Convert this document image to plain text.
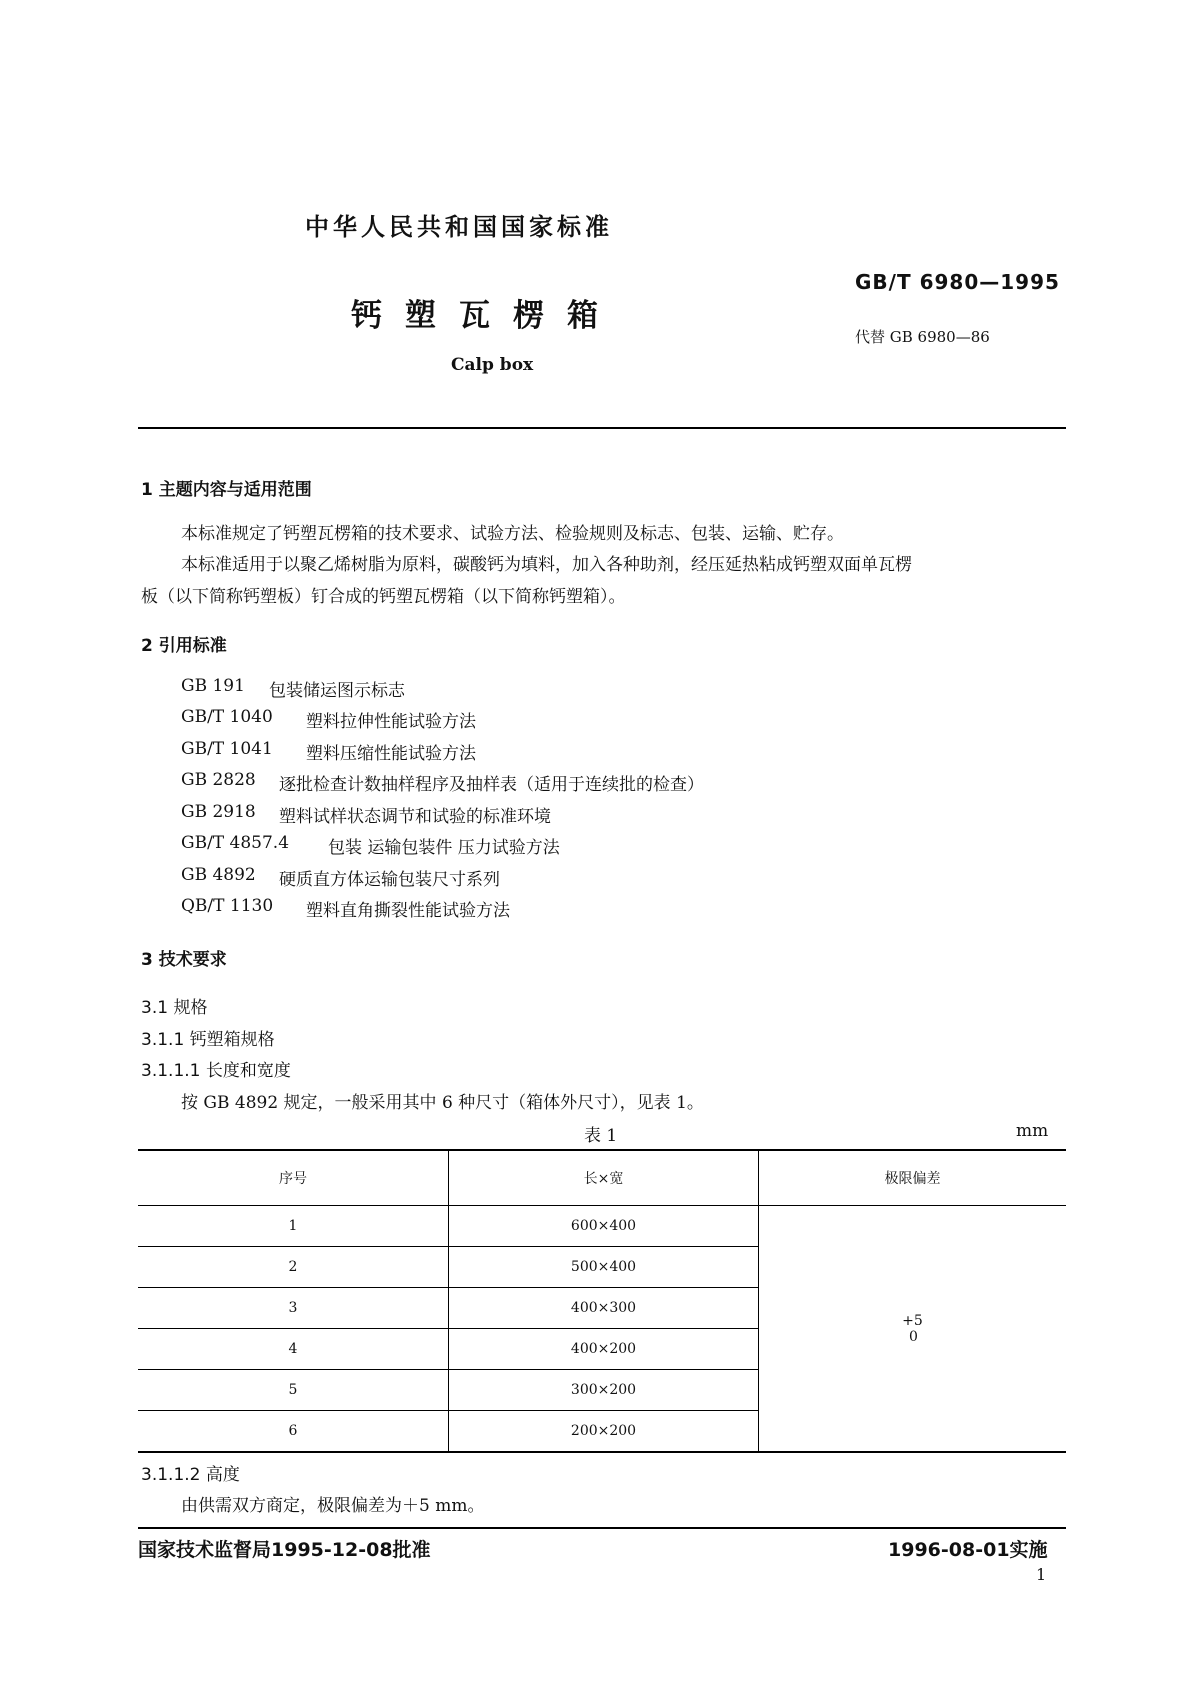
中华人民共和国国家标准
GB/T 6980—1995
钙塑瓦楞箱
代替 GB 6980—86
Calp box
1 主题内容与适用范围
本标准规定了钙塑瓦楞箱的技术要求、试验方法、检验规则及标志、包装、运输、贮存。
本标准适用于以聚乙烯树脂为原料，碳酸钙为填料，加入各种助剂，经压延热粘成钙塑双面单瓦楞
板（以下简称钙塑板）钉合成的钙塑瓦楞箱（以下简称钙塑箱）。
2 引用标准
GB 191 包装储运图示标志
GB/T 1040 塑料拉伸性能试验方法
GB/T 1041 塑料压缩性能试验方法
GB 2828 逐批检查计数抽样程序及抽样表（适用于连续批的检查）
GB 2918 塑料试样状态调节和试验的标准环境
GB/T 4857.4 包装 运输包装件 压力试验方法
GB 4892 硬质直方体运输包装尺寸系列
QB/T 1130 塑料直角撕裂性能试验方法
3 技术要求
3.1 规格
3.1.1 钙塑箱规格
3.1.1.1 长度和宽度
按 GB 4892 规定，一般采用其中 6 种尺寸（箱体外尺寸），见表 1。
表 1	mm
序号	长×宽	极限偏差
1	600×400	+5
0

2	500×400	
3	400×300	
4	400×200	
5	300×200	
6	200×200	
3.1.1.2 高度
由供需双方商定，极限偏差为＋5 mm。
国家技术监督局1995-12-08批准	1996-08-01实施
1
